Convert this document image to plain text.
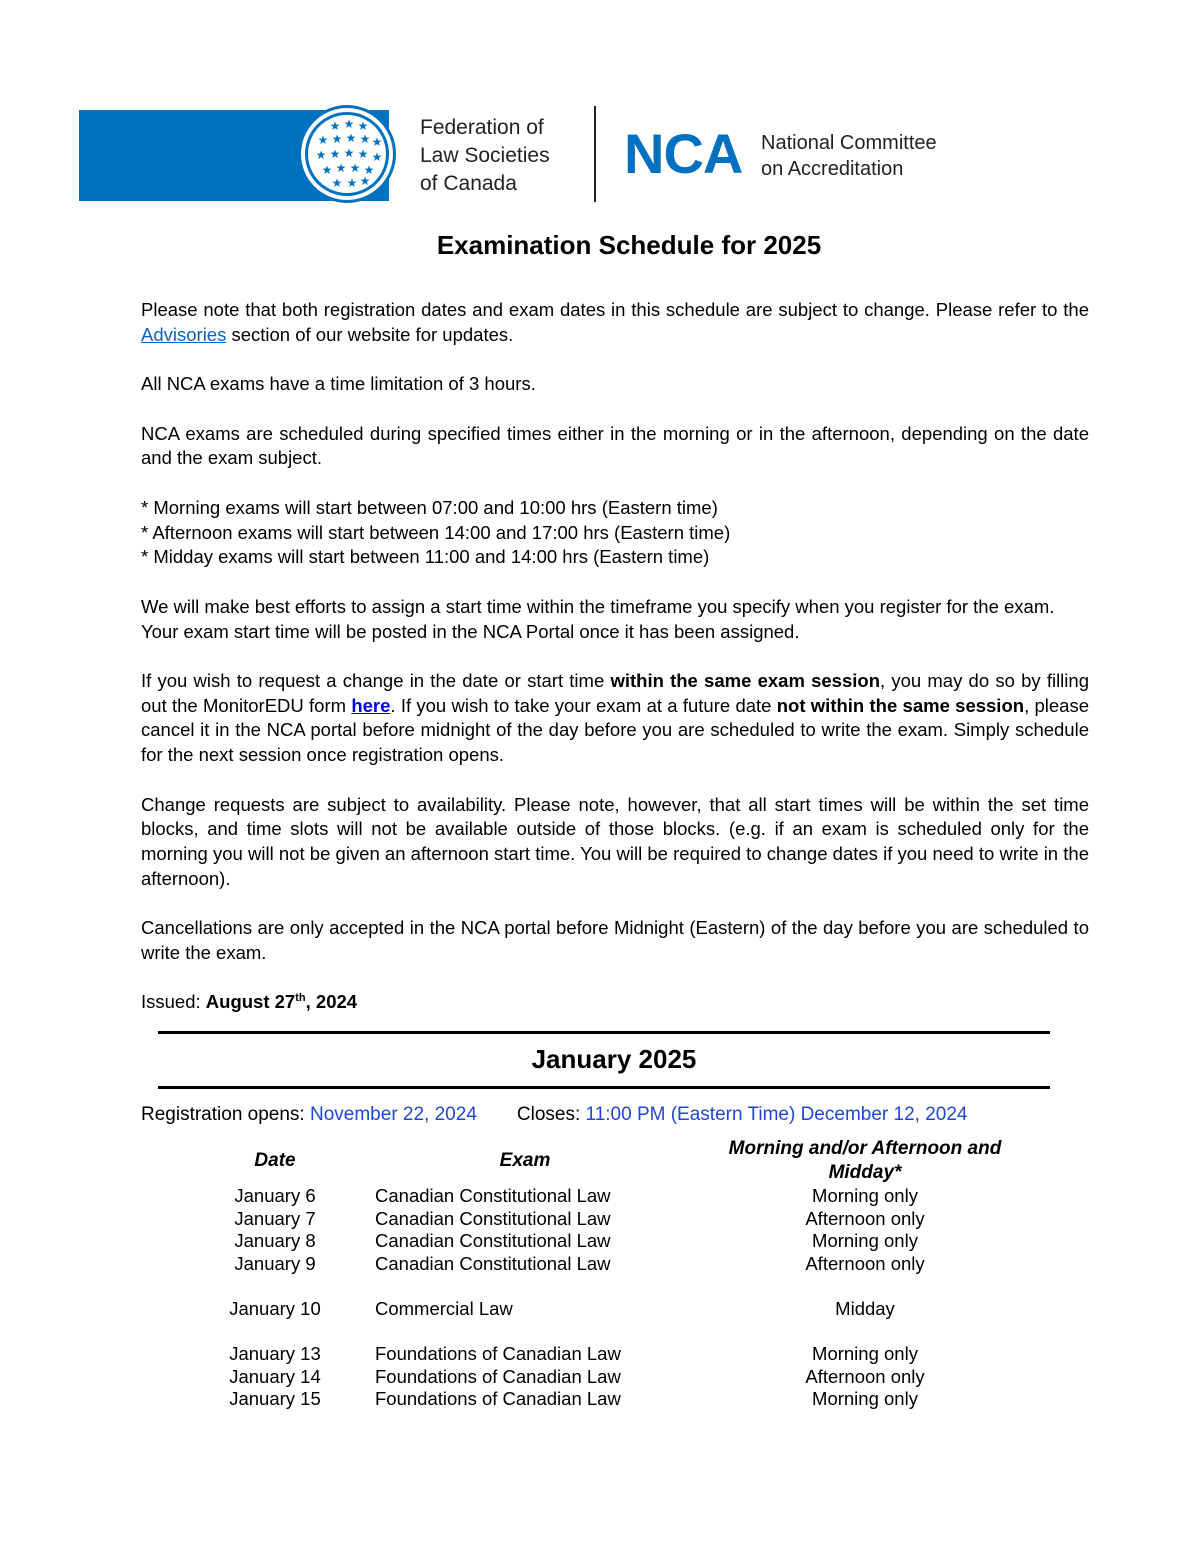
★ ★ ★
★ ★ ★ ★ ★
★ ★ ★ ★ ★
★ ★ ★ ★
★ ★ ★
Federation of
Law Societies
of Canada	NCA National Committee
on Accreditation
Examination Schedule for 2025

Please note that both registration dates and exam dates in this schedule are subject to change. Please refer to the Advisories section of our website for updates.

All NCA exams have a time limitation of 3 hours.

NCA exams are scheduled during specified times either in the morning or in the afternoon, depending on the date and the exam subject.

* Morning exams will start between 07:00 and 10:00 hrs (Eastern time)
* Afternoon exams will start between 14:00 and 17:00 hrs (Eastern time)
* Midday exams will start between 11:00 and 14:00 hrs (Eastern time)

We will make best efforts to assign a start time within the timeframe you specify when you register for the exam. Your exam start time will be posted in the NCA Portal once it has been assigned.

If you wish to request a change in the date or start time within the same exam session, you may do so by filling out the MonitorEDU form here. If you wish to take your exam at a future date not within the same session, please cancel it in the NCA portal before midnight of the day before you are scheduled to write the exam. Simply schedule for the next session once registration opens.

Change requests are subject to availability. Please note, however, that all start times will be within the set time blocks, and time slots will not be available outside of those blocks. (e.g. if an exam is scheduled only for the morning you will not be given an afternoon start time. You will be required to change dates if you need to write in the afternoon).

Cancellations are only accepted in the NCA portal before Midnight (Eastern) of the day before you are scheduled to write the exam.

Issued: August 27th, 2024

January 2025
Registration opens: November 22, 2024 Closes: 11:00 PM (Eastern Time) December 12, 2024
Date	Exam
Morning and/or Afternoon and
Midday*
January 6	Canadian Constitutional Law	Morning only
January 7	Canadian Constitutional Law	Afternoon only
January 8	Canadian Constitutional Law	Morning only
January 9	Canadian Constitutional Law	Afternoon only
January 10	Commercial Law	Midday
January 13	Foundations of Canadian Law	Morning only
January 14	Foundations of Canadian Law	Afternoon only
January 15	Foundations of Canadian Law	Morning only
